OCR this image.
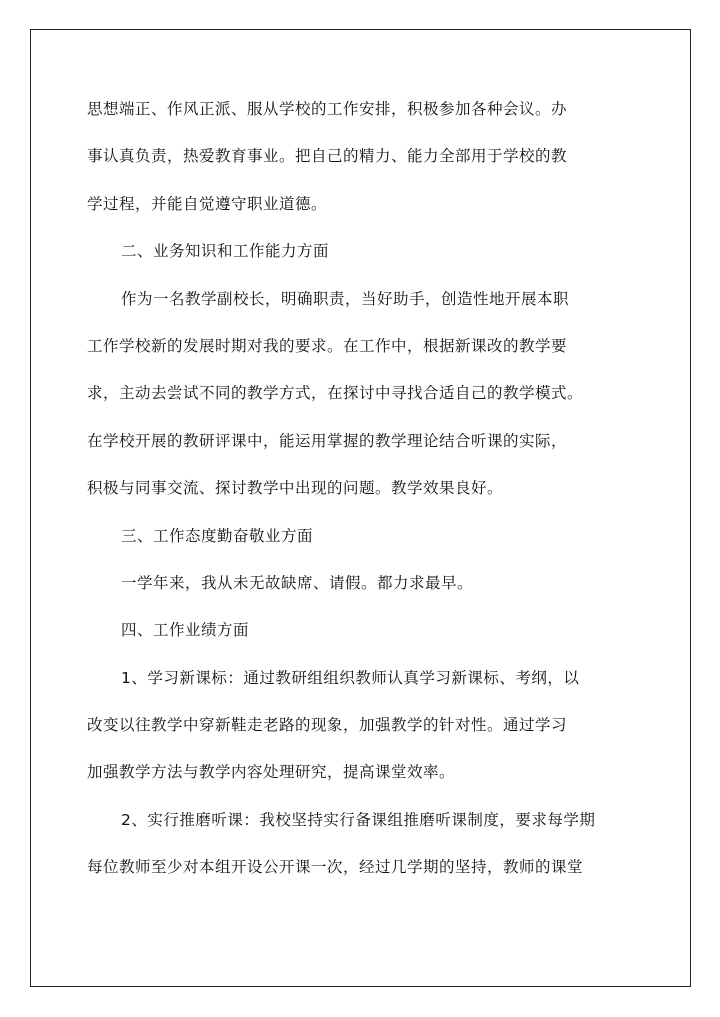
思想端正、作风正派、服从学校的工作安排，积极参加各种会议。办
事认真负责，热爱教育事业。把自己的精力、能力全部用于学校的教
学过程，并能自觉遵守职业道德。
二、业务知识和工作能力方面
作为一名教学副校长，明确职责，当好助手，创造性地开展本职
工作学校新的发展时期对我的要求。在工作中，根据新课改的教学要
求，主动去尝试不同的教学方式，在探讨中寻找合适自己的教学模式。
在学校开展的教研评课中，能运用掌握的教学理论结合听课的实际，
积极与同事交流、探讨教学中出现的问题。教学效果良好。
三、工作态度勤奋敬业方面
一学年来，我从未无故缺席、请假。都力求最早。
四、工作业绩方面
1、学习新课标：通过教研组组织教师认真学习新课标、考纲，以
改变以往教学中穿新鞋走老路的现象，加强教学的针对性。通过学习
加强教学方法与教学内容处理研究，提高课堂效率。
2、实行推磨听课：我校坚持实行备课组推磨听课制度，要求每学期
每位教师至少对本组开设公开课一次，经过几学期的坚持，教师的课堂
